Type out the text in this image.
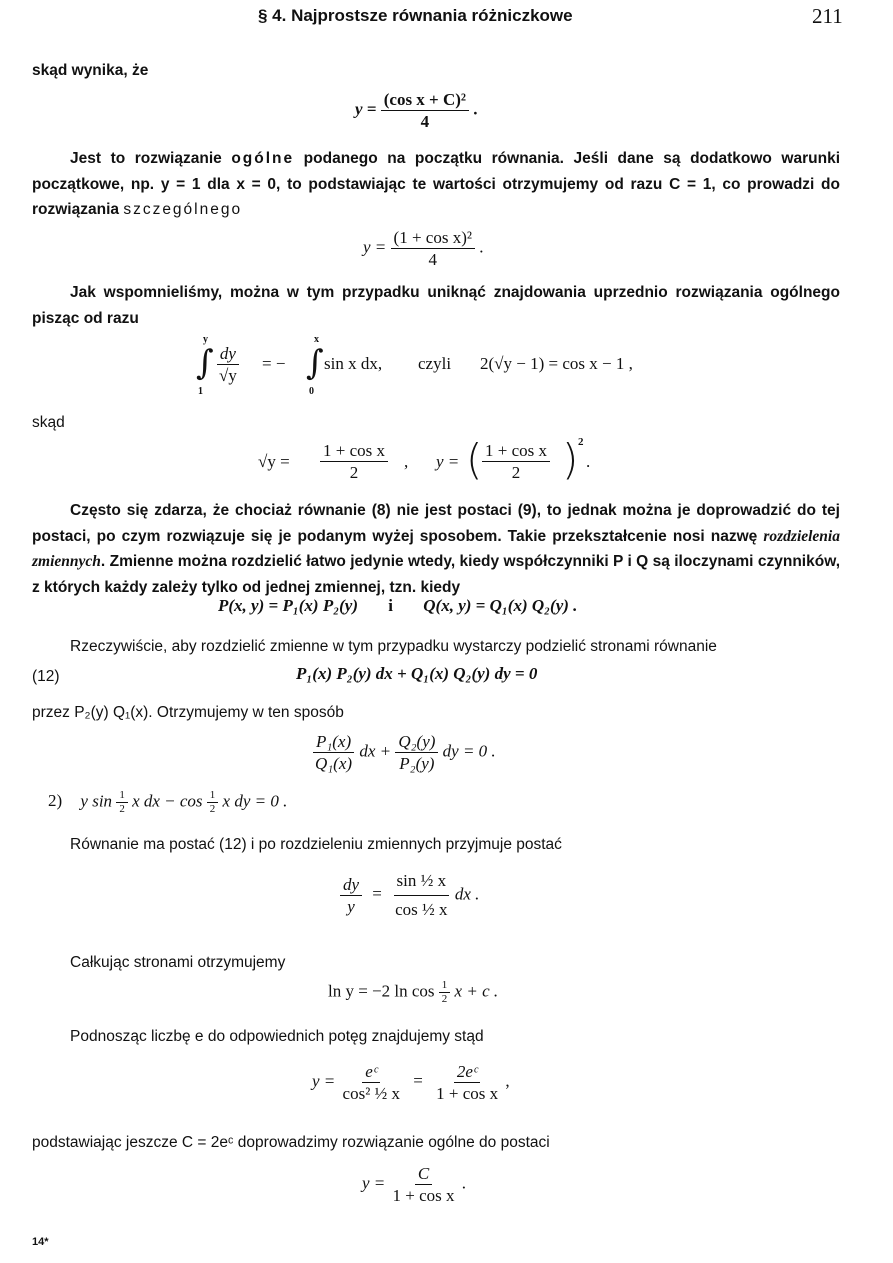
§ 4. Najprostsze równania różniczkowe	211
skąd wynika, że
$y = \frac{\text{(cos x + C)²}}{4}$ .
Jest to rozwiązanie ogólne podanego na początku równania. Jeśli dane są dodatkowo warunki początkowe, np. y = 1 dla x = 0, to podstawiając te wartości otrzymujemy od razu C = 1, co prowadzi do rozwiązania szczególnego
$y = \frac{\text{(1 + cos x)²}}{4}$ .
Jak wspomnieliśmy, można w tym przypadku uniknąć znajdowania uprzednio rozwiązania ogólnego pisząc od razu
y
∫
1
$\frac{dy}{√y}$ = −
x
∫
0
sin x dx, czyli 2(√y − 1) = cos x − 1 ,
skąd
$√y = \frac{\text{1 + cos x}}{2}$ , y = ( $\frac{\text{1 + cos x}}{2}$ ) 2
.
Często się zdarza, że chociaż równanie (8) nie jest postaci (9), to jednak można je doprowadzić do tej postaci, po czym rozwiązuje się je podanym wyżej sposobem. Takie przekształcenie nosi nazwę rozdzielenia zmiennych. Zmienne można rozdzielić łatwo jedynie wtedy, kiedy współczynniki P i Q są iloczynami czynników, z których każdy zależy tylko od jednej zmiennej, tzn. kiedy
P(x, y) = P₁(x) P₂(y) i Q(x, y) = Q₁(x) Q₂(y) .
Rzeczywiście, aby rozdzielić zmienne w tym przypadku wystarczy podzielić stronami równanie
(12)	P₁(x) P₂(y) dx + Q₁(x) Q₂(y) dy = 0
przez P₂(y) Q₁(x). Otrzymujemy w ten sposób
$\frac{\text{P₁(x)}}{\text{Q₁(x)}}$ dx + $\frac{\text{Q₂(y)}}{\text{P₂(y)}}$ dy = 0 .
2) y $\sin \frac{1}{2}$ x dx − $\cos \frac{1}{2}$ x dy = 0 .
Równanie ma postać (12) i po rozdzieleniu zmiennych przyjmuje postać
$\frac{dy}{y} = \frac{\text{sin ½ x}}{\text{cos ½ x}}$ dx .
Całkując stronami otrzymujemy
ln y = −2 $\ln \cos \frac{1}{2}$ x + c .
Podnosząc liczbę e do odpowiednich potęg znajdujemy stąd
$y = \frac{\text{eᶜ}}{\text{cos² ½ x}} = \frac{\text{2eᶜ}}{\text{1 + cos x}}$ ,
podstawiając jeszcze C = 2eᶜ doprowadzimy rozwiązanie ogólne do postaci
$y = \frac{C}{\text{1 + cos x}}$ .
14*
